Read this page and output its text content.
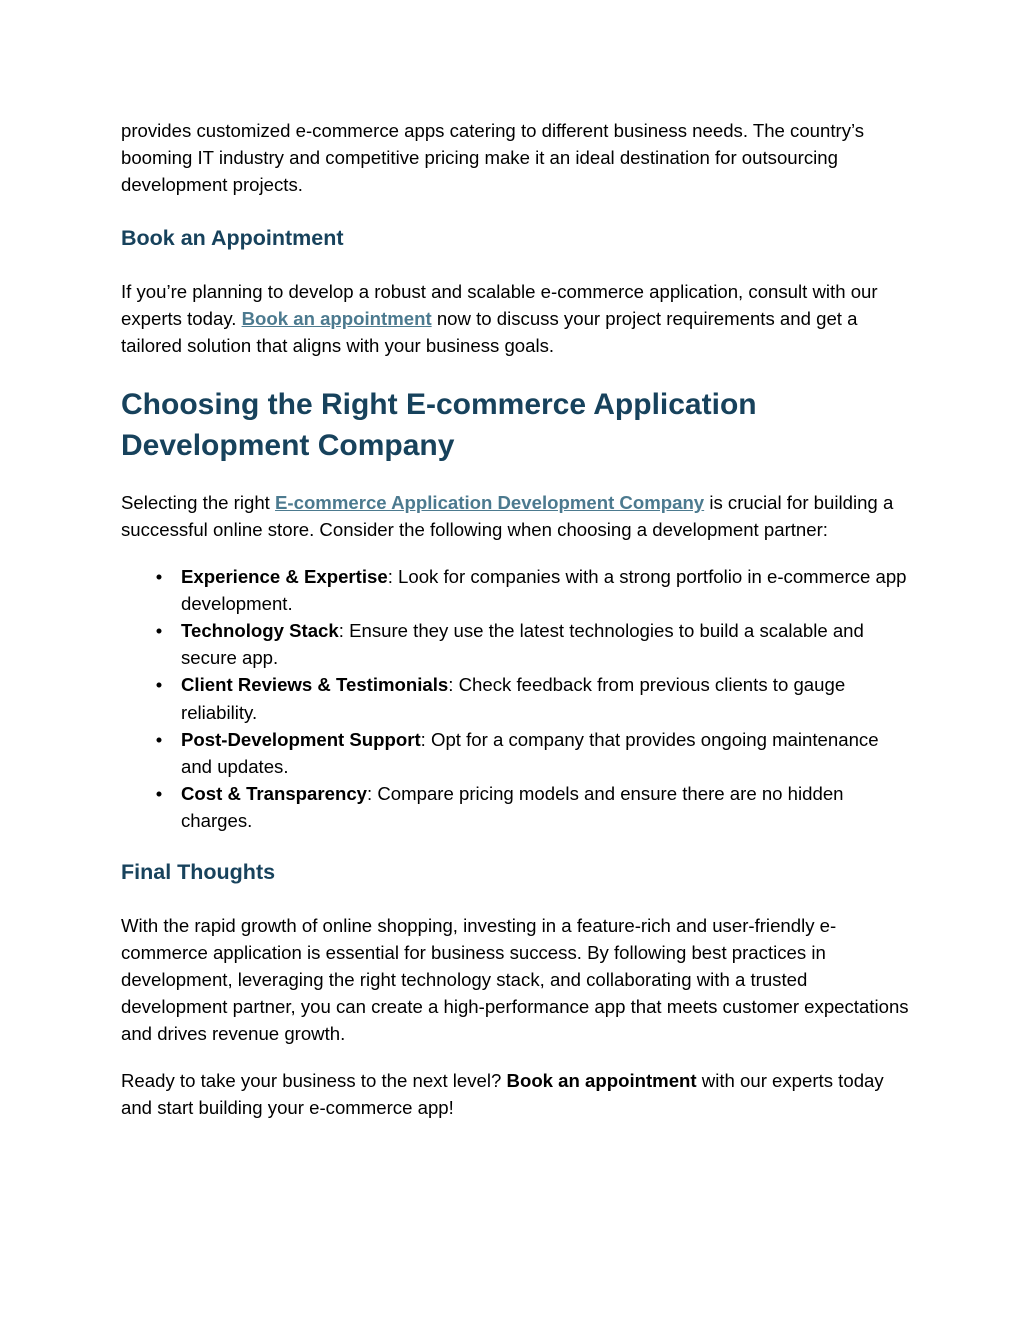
provides customized e-commerce apps catering to different business needs. The country’s booming IT industry and competitive pricing make it an ideal destination for outsourcing development projects.

Book an Appointment

If you’re planning to develop a robust and scalable e-commerce application, consult with our experts today. Book an appointment now to discuss your project requirements and get a tailored solution that aligns with your business goals.

Choosing the Right E-commerce Application Development Company

Selecting the right E-commerce Application Development Company is crucial for building a successful online store. Consider the following when choosing a development partner:

• Experience & Expertise: Look for companies with a strong portfolio in e-commerce app development.
• Technology Stack: Ensure they use the latest technologies to build a scalable and secure app.
• Client Reviews & Testimonials: Check feedback from previous clients to gauge reliability.
• Post-Development Support: Opt for a company that provides ongoing maintenance and updates.
• Cost & Transparency: Compare pricing models and ensure there are no hidden charges.
Final Thoughts

With the rapid growth of online shopping, investing in a feature-rich and user-friendly e-commerce application is essential for business success. By following best practices in development, leveraging the right technology stack, and collaborating with a trusted development partner, you can create a high-performance app that meets customer expectations and drives revenue growth.

Ready to take your business to the next level? Book an appointment with our experts today and start building your e-commerce app!
